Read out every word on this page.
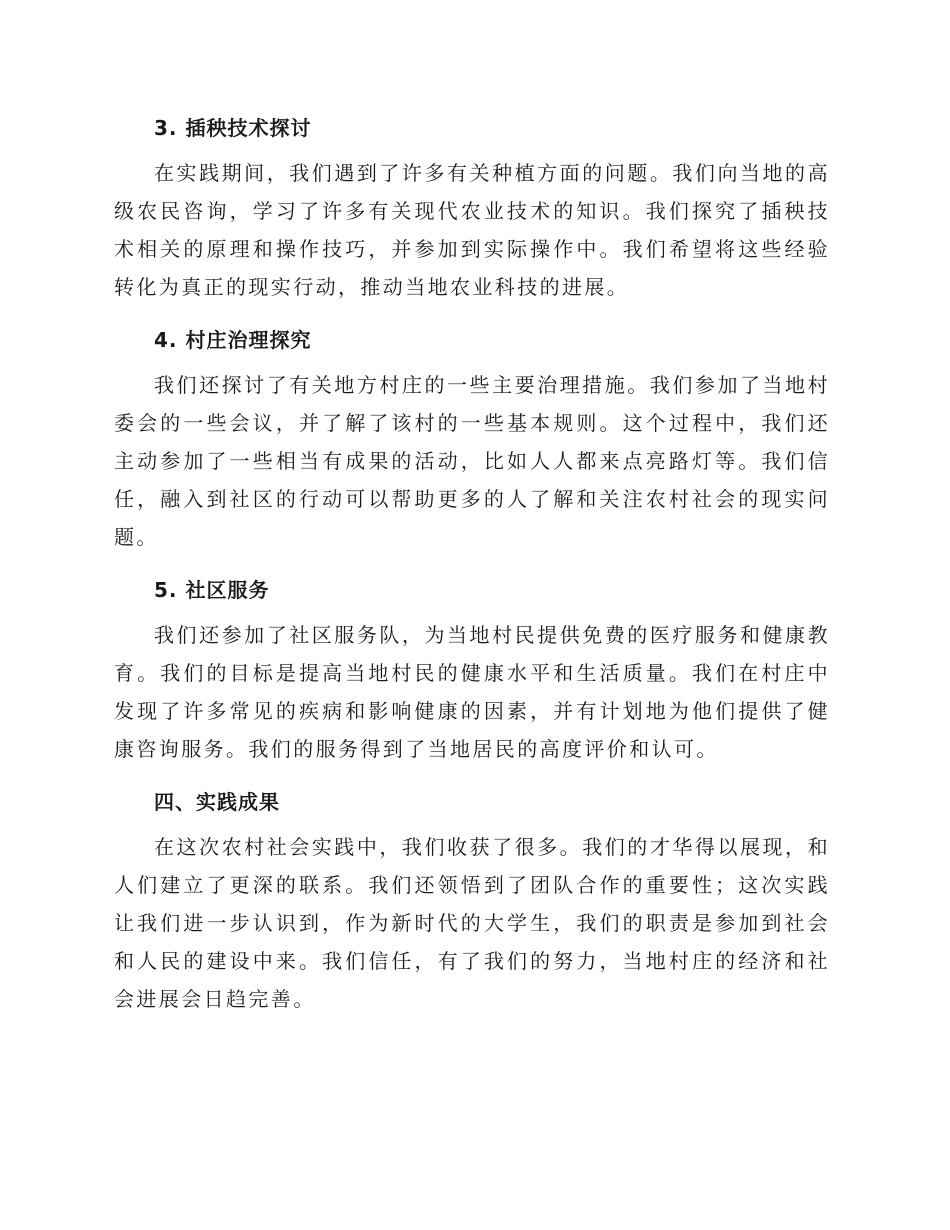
3. 插秧技术探讨

在实践期间，我们遇到了许多有关种植方面的问题。我们向当地的高级农民咨询，学习了许多有关现代农业技术的知识。我们探究了插秧技术相关的原理和操作技巧，并参加到实际操作中。我们希望将这些经验转化为真正的现实行动，推动当地农业科技的进展。

4. 村庄治理探究

我们还探讨了有关地方村庄的一些主要治理措施。我们参加了当地村委会的一些会议，并了解了该村的一些基本规则。这个过程中，我们还主动参加了一些相当有成果的活动，比如人人都来点亮路灯等。我们信任，融入到社区的行动可以帮助更多的人了解和关注农村社会的现实问题。

5. 社区服务

我们还参加了社区服务队，为当地村民提供免费的医疗服务和健康教育。我们的目标是提高当地村民的健康水平和生活质量。我们在村庄中发现了许多常见的疾病和影响健康的因素，并有计划地为他们提供了健康咨询服务。我们的服务得到了当地居民的高度评价和认可。

四、实践成果

在这次农村社会实践中，我们收获了很多。我们的才华得以展现，和人们建立了更深的联系。我们还领悟到了团队合作的重要性；这次实践让我们进一步认识到，作为新时代的大学生，我们的职责是参加到社会和人民的建设中来。我们信任，有了我们的努力，当地村庄的经济和社会进展会日趋完善。
